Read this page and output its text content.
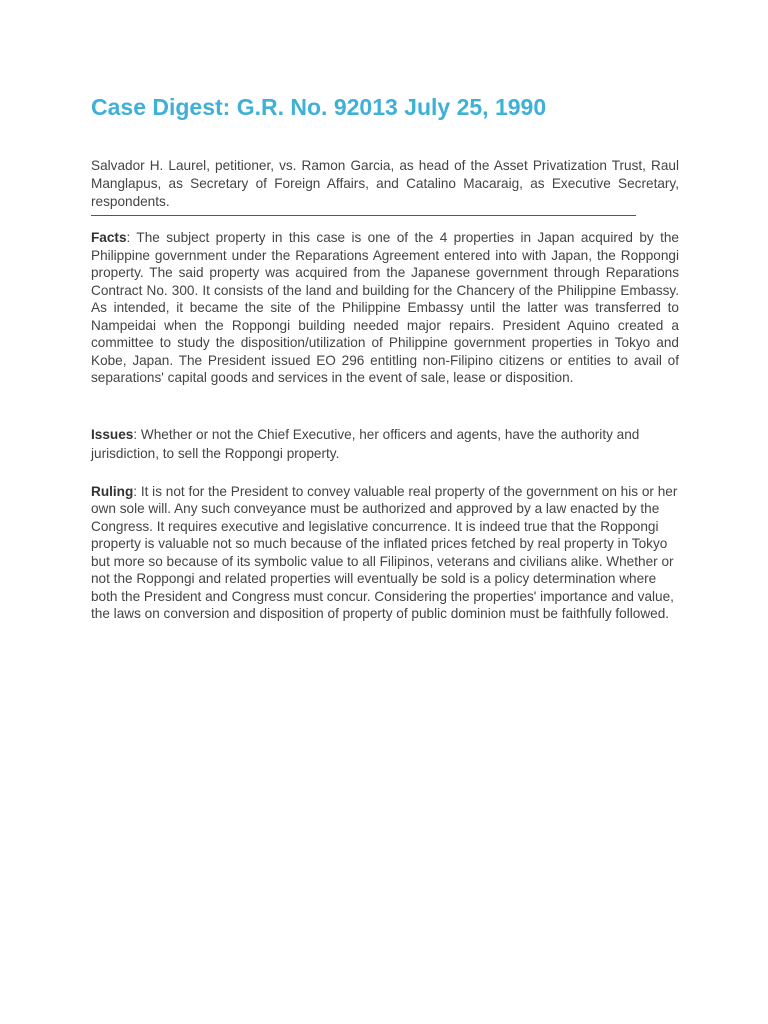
Case Digest: G.R. No. 92013 July 25, 1990

Salvador H. Laurel, petitioner, vs. Ramon Garcia, as head of the Asset Privatization Trust, Raul Manglapus, as Secretary of Foreign Affairs, and Catalino Macaraig, as Executive Secretary, respondents.

Facts: The subject property in this case is one of the 4 properties in Japan acquired by the Philippine government under the Reparations Agreement entered into with Japan, the Roppongi property. The said property was acquired from the Japanese government through Reparations Contract No. 300. It consists of the land and building for the Chancery of the Philippine Embassy. As intended, it became the site of the Philippine Embassy until the latter was transferred to Nampeidai when the Roppongi building needed major repairs. President Aquino created a committee to study the disposition/utilization of Philippine government properties in Tokyo and Kobe, Japan. The President issued EO 296 entitling non-Filipino citizens or entities to avail of separations' capital goods and services in the event of sale, lease or disposition.

Issues: Whether or not the Chief Executive, her officers and agents, have the authority and jurisdiction, to sell the Roppongi property.

Ruling: It is not for the President to convey valuable real property of the government on his or her own sole will. Any such conveyance must be authorized and approved by a law enacted by the Congress. It requires executive and legislative concurrence. It is indeed true that the Roppongi property is valuable not so much because of the inflated prices fetched by real property in Tokyo but more so because of its symbolic value to all Filipinos, veterans and civilians alike. Whether or not the Roppongi and related properties will eventually be sold is a policy determination where both the President and Congress must concur. Considering the properties' importance and value, the laws on conversion and disposition of property of public dominion must be faithfully followed.
